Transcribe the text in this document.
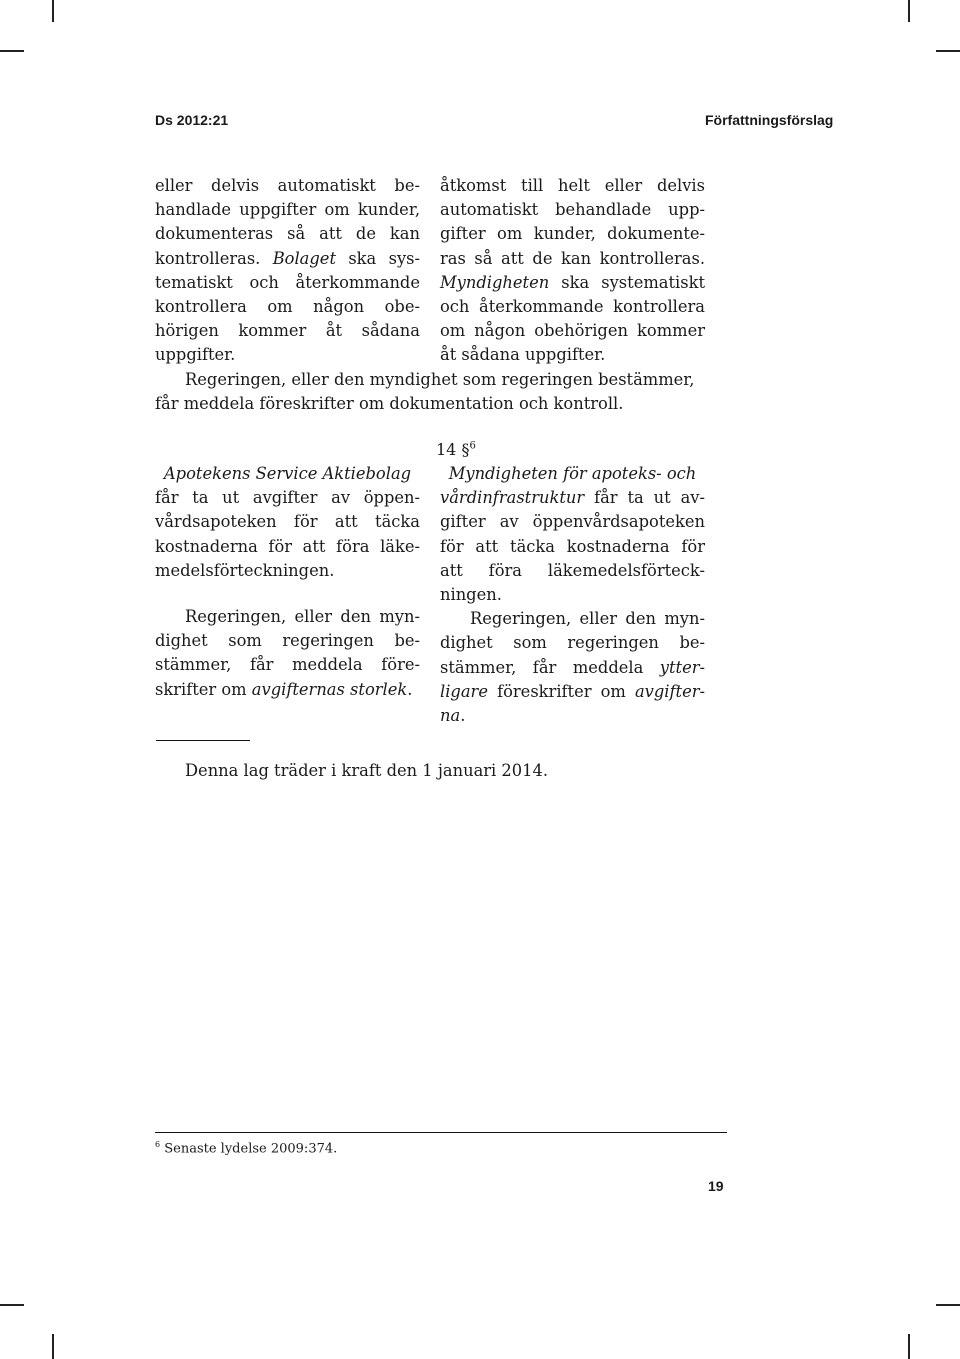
Ds 2012:21	Författningsförslag
eller delvis automatiskt be-
handlade uppgifter om kunder,
dokumenteras så att de kan
kontrolleras. Bolaget ska sys-
tematiskt och återkommande
kontrollera om någon obe-
hörigen kommer åt sådana
uppgifter.
åtkomst till helt eller delvis
automatiskt behandlade upp-
gifter om kunder, dokumente-
ras så att de kan kontrolleras.
Myndigheten ska systematiskt
och återkommande kontrollera
om någon obehörigen kommer
åt sådana uppgifter.
Regeringen, eller den myndighet som regeringen bestämmer,
får meddela föreskrifter om dokumentation och kontroll.
14 §$^6$
Apotekens Service Aktiebolag
får ta ut avgifter av öppen-
vårdsapoteken för att täcka
kostnaderna för att föra läke-
medelsförteckningen.
Regeringen, eller den myn-
dighet som regeringen be-
stämmer, får meddela före-
skrifter om avgifternas storlek.
Myndigheten för apoteks- och
vårdinfrastruktur får ta ut av-
gifter av öppenvårdsapoteken
för att täcka kostnaderna för
att föra läkemedelsförteck-
ningen.
Regeringen, eller den myn-
dighet som regeringen be-
stämmer, får meddela ytter-
ligare föreskrifter om avgifter-
na.
Denna lag träder i kraft den 1 januari 2014.
$^6$ Senaste lydelse 2009:374.
19
